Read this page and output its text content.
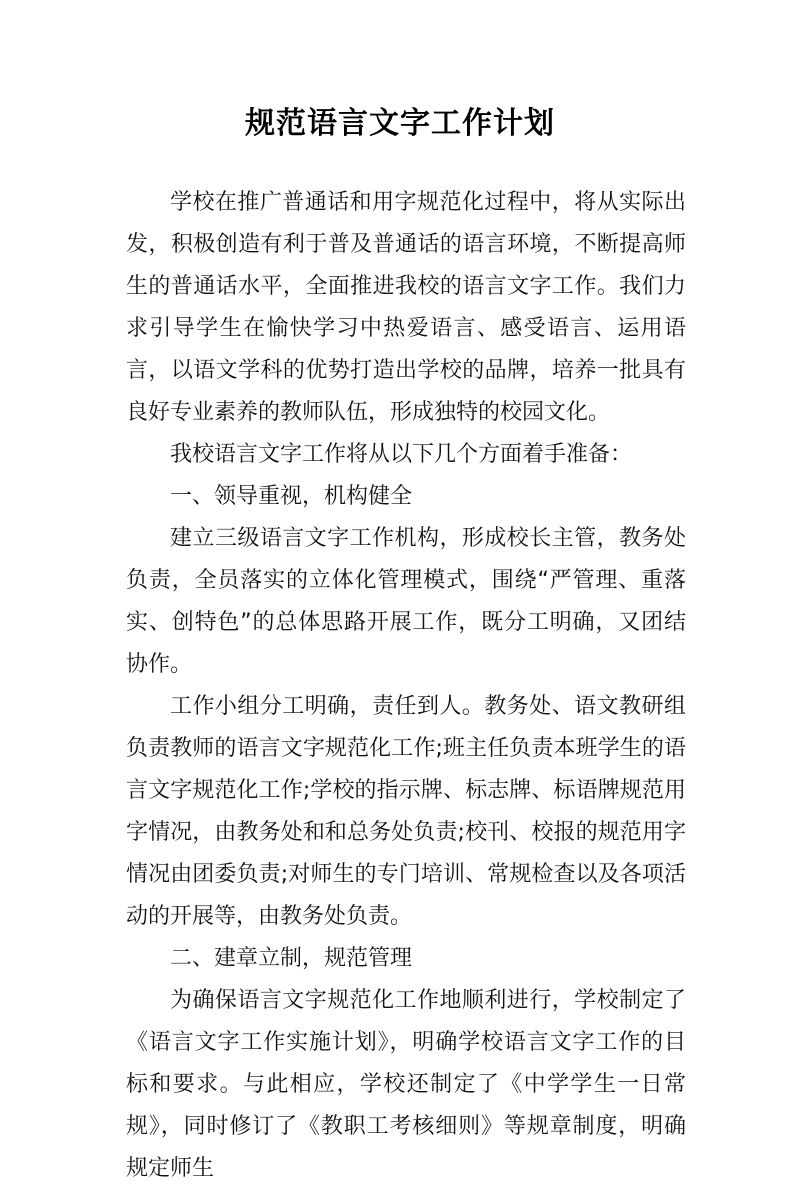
规范语言文字工作计划

学校在推广普通话和用字规范化过程中，将从实际出发，积极创造有利于普及普通话的语言环境，不断提高师生的普通话水平，全面推进我校的语言文字工作。我们力求引导学生在愉快学习中热爱语言、感受语言、运用语言，以语文学科的优势打造出学校的品牌，培养一批具有良好专业素养的教师队伍，形成独特的校园文化。

我校语言文字工作将从以下几个方面着手准备：

一、领导重视，机构健全

建立三级语言文字工作机构，形成校长主管，教务处负责，全员落实的立体化管理模式，围绕“严管理、重落实、创特色”的总体思路开展工作，既分工明确，又团结协作。

工作小组分工明确，责任到人。教务处、语文教研组负责教师的语言文字规范化工作;班主任负责本班学生的语言文字规范化工作;学校的指示牌、标志牌、标语牌规范用字情况，由教务处和和总务处负责;校刊、校报的规范用字情况由团委负责;对师生的专门培训、常规检查以及各项活动的开展等，由教务处负责。

二、建章立制，规范管理

为确保语言文字规范化工作地顺利进行，学校制定了《语言文字工作实施计划》，明确学校语言文字工作的目标和要求。与此相应，学校还制定了《中学学生一日常规》，同时修订了《教职工考核细则》等规章制度，明确规定师生
